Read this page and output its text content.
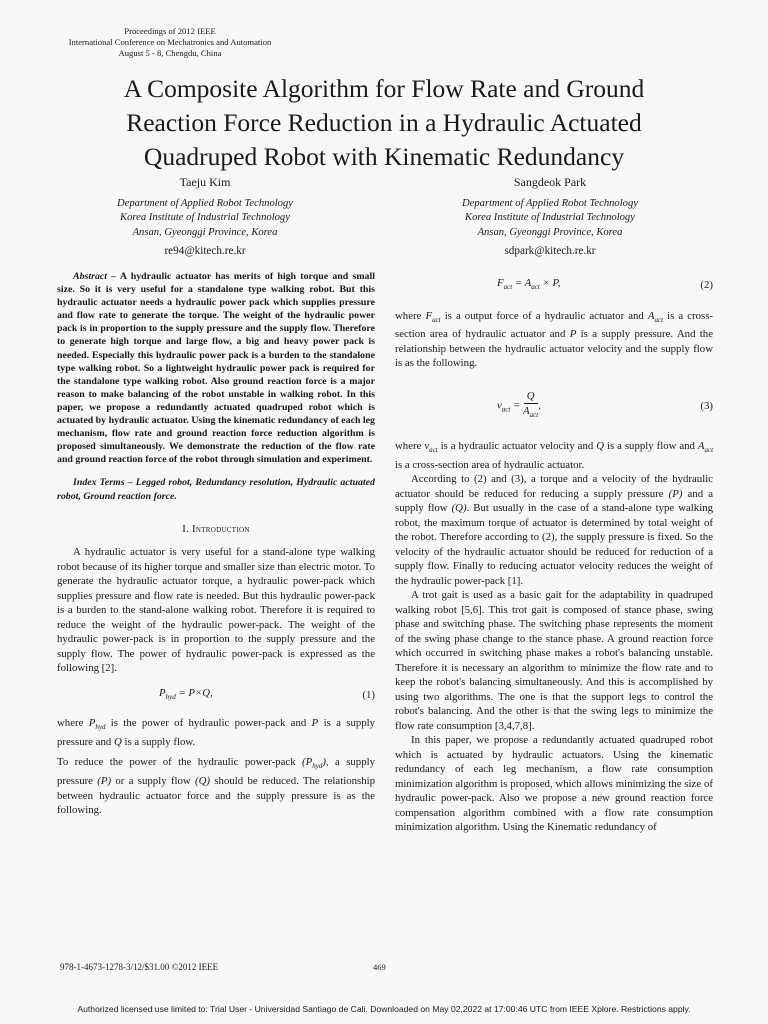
Proceedings of 2012 IEEE
International Conference on Mechatronics and Automation
August 5 - 8, Chengdu, China
A Composite Algorithm for Flow Rate and Ground
Reaction Force Reduction in a Hydraulic Actuated
Quadruped Robot with Kinematic Redundancy
Taeju Kim
Department of Applied Robot Technology
Korea Institute of Industrial Technology
Ansan, Gyeonggi Province, Korea
re94@kitech.re.kr
Sangdeok Park
Department of Applied Robot Technology
Korea Institute of Industrial Technology
Ansan, Gyeonggi Province, Korea
sdpark@kitech.re.kr

Abstract – A hydraulic actuator has merits of high torque and small size. So it is very useful for a standalone type walking robot. But this hydraulic actuator needs a hydraulic power pack which supplies pressure and flow rate to generate the torque. The weight of the hydraulic power pack is in proportion to the supply pressure and the supply flow. Therefore to generate high torque and large flow, a big and heavy power pack is needed. Especially this hydraulic power pack is a burden to the standalone type walking robot. So a lightweight hydraulic power pack is required for the standalone type walking robot. Also ground reaction force is a major reason to make balancing of the robot unstable in walking robot. In this paper, we propose a redundantly actuated quadruped robot which is actuated by hydraulic actuator. Using the kinematic redundancy of each leg mechanism, flow rate and ground reaction force reduction algorithm is proposed simultaneously. We demonstrate the reduction of the flow rate and ground reaction force of the robot through simulation and experiment.

Index Terms – Legged robot, Redundancy resolution, Hydraulic actuated robot, Ground reaction force.

I. Introduction

A hydraulic actuator is very useful for a stand-alone type walking robot because of its higher torque and smaller size than electric motor. To generate the hydraulic actuator torque, a hydraulic power-pack which supplies pressure and flow rate is needed. But this hydraulic power-pack is a burden to the stand-alone walking robot. Therefore it is required to reduce the weight of the hydraulic power-pack. The weight of the hydraulic power-pack is in proportion to the supply pressure and the supply flow. The power of hydraulic power-pack is expressed as the following [2].

$P_{hyd} = P\times Q$,	(1)

where $P_{hyd}$ is the power of hydraulic power-pack and P is a supply pressure and Q is a supply flow.

To reduce the power of the hydraulic power-pack $(P_{hyd})$, a supply pressure (P) or a supply flow (Q) should be reduced. The relationship between hydraulic actuator force and the supply pressure is as the following.

$F_{act} = A_{act} \times P$,	(2)

where $F_{act}$ is a output force of a hydraulic actuator and $A_{act}$ is a cross-section area of hydraulic actuator and P is a supply pressure. And the relationship between the hydraulic actuator velocity and the supply flow is as the following.

$v_{act} = \frac{Q}{A_{act}}$ ,	(3)

where $v_{act}$ is a hydraulic actuator velocity and Q is a supply flow and $A_{act}$ is a cross-section area of hydraulic actuator.

According to (2) and (3), a torque and a velocity of the hydraulic actuator should be reduced for reducing a supply pressure (P) and a supply flow (Q). But usually in the case of a stand-alone type walking robot, the maximum torque of actuator is determined by total weight of the robot. Therefore according to (2), the supply pressure is fixed. So the velocity of the hydraulic actuator should be reduced for reduction of a supply flow. Finally to reducing actuator velocity reduces the weight of the hydraulic power-pack [1].

A trot gait is used as a basic gait for the adaptability in quadruped walking robot [5,6]. This trot gait is composed of stance phase, swing phase and switching phase. The switching phase represents the moment of the swing phase change to the stance phase. A ground reaction force which occurred in switching phase makes a robot's balancing unstable. Therefore it is necessary an algorithm to minimize the flow rate and to keep the robot's balancing simultaneously. And this is accomplished by using two algorithms. The one is that the support legs to control the robot's balancing. And the other is that the swing legs to minimize the flow rate consumption [3,4,7,8].

In this paper, we propose a redundantly actuated quadruped robot which is actuated by hydraulic actuators. Using the kinematic redundancy of each leg mechanism, a flow rate consumption minimization algorithm is proposed, which allows minimizing the size of hydraulic power-pack. Also we propose a new ground reaction force compensation algorithm combined with a flow rate consumption minimization algorithm. Using the Kinematic redundancy of

978-1-4673-1278-3/12/$31.00 ©2012 IEEE	469
Authorized licensed use limited to: Trial User - Universidad Santiago de Cali. Downloaded on May 02,2022 at 17:00:46 UTC from IEEE Xplore. Restrictions apply.
